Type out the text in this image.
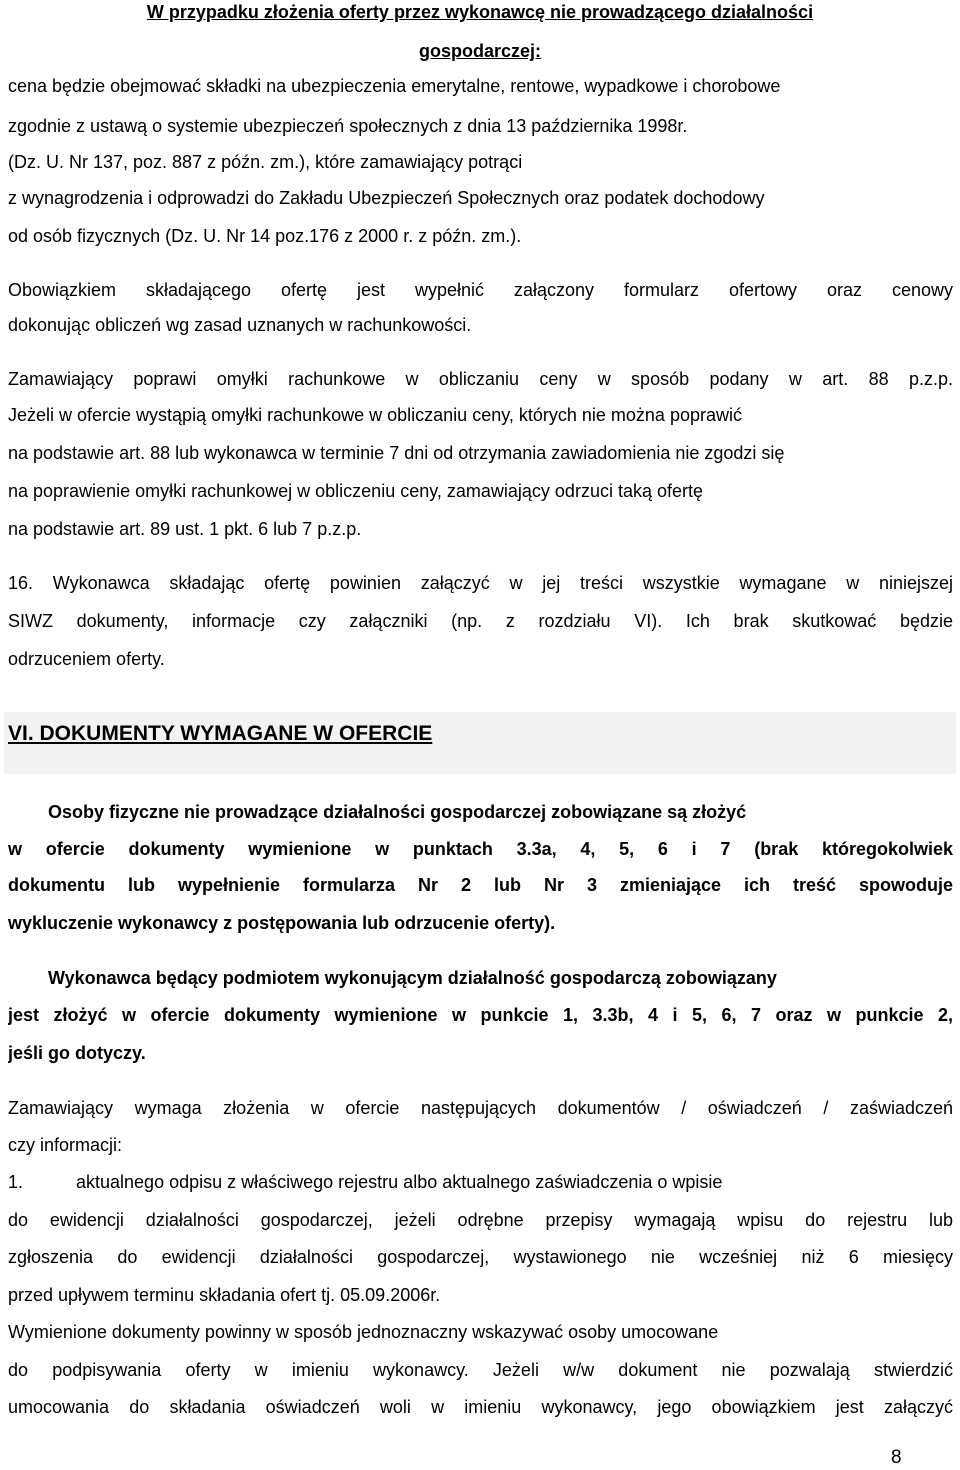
W przypadku złożenia oferty przez wykonawcę nie prowadzącego działalności
gospodarczej:
cena będzie obejmować składki na ubezpieczenia emerytalne, rentowe, wypadkowe i chorobowe
zgodnie z ustawą o systemie ubezpieczeń społecznych z dnia 13 października 1998r.
(Dz. U. Nr 137, poz. 887 z późn. zm.), które zamawiający potrąci
z wynagrodzenia i odprowadzi do Zakładu Ubezpieczeń Społecznych oraz podatek dochodowy
od osób fizycznych (Dz. U. Nr 14 poz.176 z 2000 r. z późn. zm.).
Obowiązkiem składającego ofertę jest wypełnić załączony formularz ofertowy oraz cenowy
dokonując obliczeń wg zasad uznanych w rachunkowości.
Zamawiający poprawi omyłki rachunkowe w obliczaniu ceny w sposób podany w art. 88 p.z.p.
Jeżeli w ofercie wystąpią omyłki rachunkowe w obliczaniu ceny, których nie można poprawić
na podstawie art. 88 lub wykonawca w terminie 7 dni od otrzymania zawiadomienia nie zgodzi się
na poprawienie omyłki rachunkowej w obliczeniu ceny, zamawiający odrzuci taką ofertę
na podstawie art. 89 ust. 1 pkt. 6 lub 7 p.z.p.
16. Wykonawca składając ofertę powinien załączyć w jej treści wszystkie wymagane w niniejszej
SIWZ dokumenty, informacje czy załączniki (np. z rozdziału VI). Ich brak skutkować będzie
odrzuceniem oferty.
VI. DOKUMENTY WYMAGANE W OFERCIE
Osoby fizyczne nie prowadzące działalności gospodarczej zobowiązane są złożyć
w ofercie dokumenty wymienione w punktach 3.3a, 4, 5, 6 i 7 (brak któregokolwiek
dokumentu lub wypełnienie formularza Nr 2 lub Nr 3 zmieniające ich treść spowoduje
wykluczenie wykonawcy z postępowania lub odrzucenie oferty).
Wykonawca będący podmiotem wykonującym działalność gospodarczą zobowiązany
jest złożyć w ofercie dokumenty wymienione w punkcie 1, 3.3b, 4 i 5, 6, 7 oraz w punkcie 2,
jeśli go dotyczy.
Zamawiający wymaga złożenia w ofercie następujących dokumentów / oświadczeń / zaświadczeń
czy informacji:
1.	aktualnego odpisu z właściwego rejestru albo aktualnego zaświadczenia o wpisie
do ewidencji działalności gospodarczej, jeżeli odrębne przepisy wymagają wpisu do rejestru lub
zgłoszenia do ewidencji działalności gospodarczej, wystawionego nie wcześniej niż 6 miesięcy
przed upływem terminu składania ofert tj. 05.09.2006r.
Wymienione dokumenty powinny w sposób jednoznaczny wskazywać osoby umocowane
do podpisywania oferty w imieniu wykonawcy. Jeżeli w/w dokument nie pozwalają stwierdzić
umocowania do składania oświadczeń woli w imieniu wykonawcy, jego obowiązkiem jest załączyć
8
